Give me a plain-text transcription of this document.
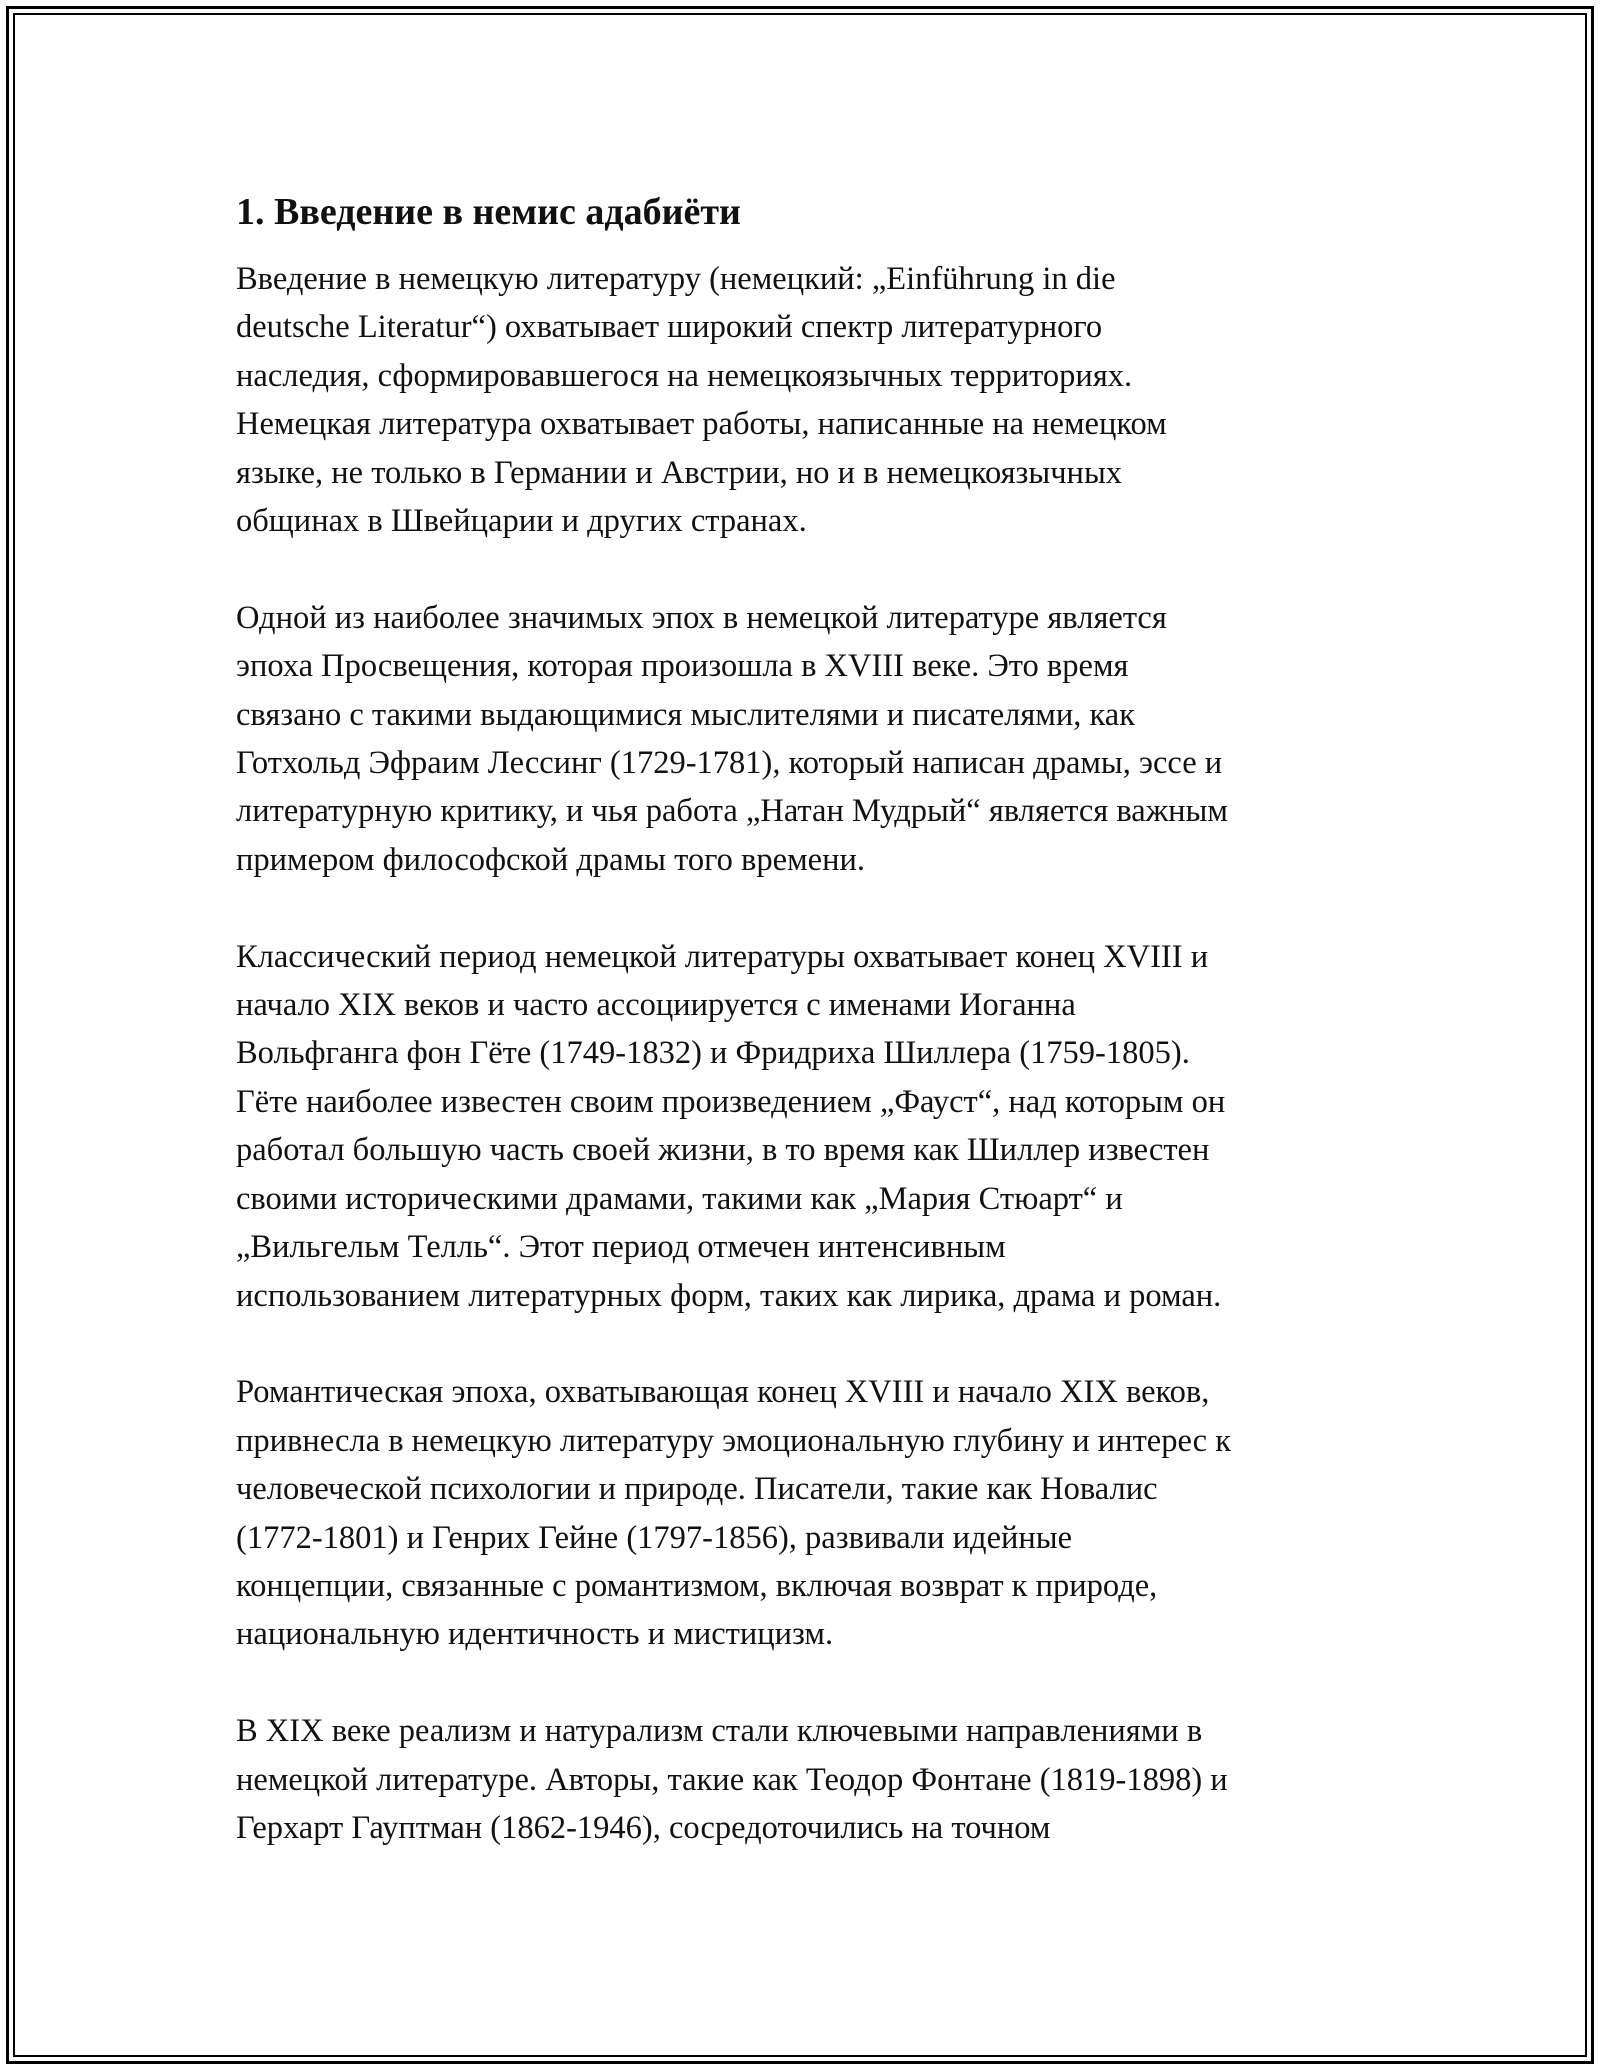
1. Введение в немис адабиёти

Введение в немецкую литературу (немецкий: „Einführung in die
deutsche Literatur“) охватывает широкий спектр литературного
наследия, сформировавшегося на немецкоязычных территориях.
Немецкая литература охватывает работы, написанные на немецком
языке, не только в Германии и Австрии, но и в немецкоязычных
общинах в Швейцарии и других странах.

Одной из наиболее значимых эпох в немецкой литературе является
эпоха Просвещения, которая произошла в XVIII веке. Это время
связано с такими выдающимися мыслителями и писателями, как
Готхольд Эфраим Лессинг (1729-1781), который написан драмы, эссе и
литературную критику, и чья работа „Натан Мудрый“ является важным
примером философской драмы того времени.

Классический период немецкой литературы охватывает конец XVIII и
начало XIX веков и часто ассоциируется с именами Иоганна
Вольфганга фон Гёте (1749-1832) и Фридриха Шиллера (1759-1805).
Гёте наиболее известен своим произведением „Фауст“, над которым он
работал большую часть своей жизни, в то время как Шиллер известен
своими историческими драмами, такими как „Мария Стюарт“ и
„Вильгельм Телль“. Этот период отмечен интенсивным
использованием литературных форм, таких как лирика, драма и роман.

Романтическая эпоха, охватывающая конец XVIII и начало XIX веков,
привнесла в немецкую литературу эмоциональную глубину и интерес к
человеческой психологии и природе. Писатели, такие как Новалис
(1772-1801) и Генрих Гейне (1797-1856), развивали идейные
концепции, связанные с романтизмом, включая возврат к природе,
национальную идентичность и мистицизм.

В XIX веке реализм и натурализм стали ключевыми направлениями в
немецкой литературе. Авторы, такие как Теодор Фонтане (1819-1898) и
Герхарт Гауптман (1862-1946), сосредоточились на точном
